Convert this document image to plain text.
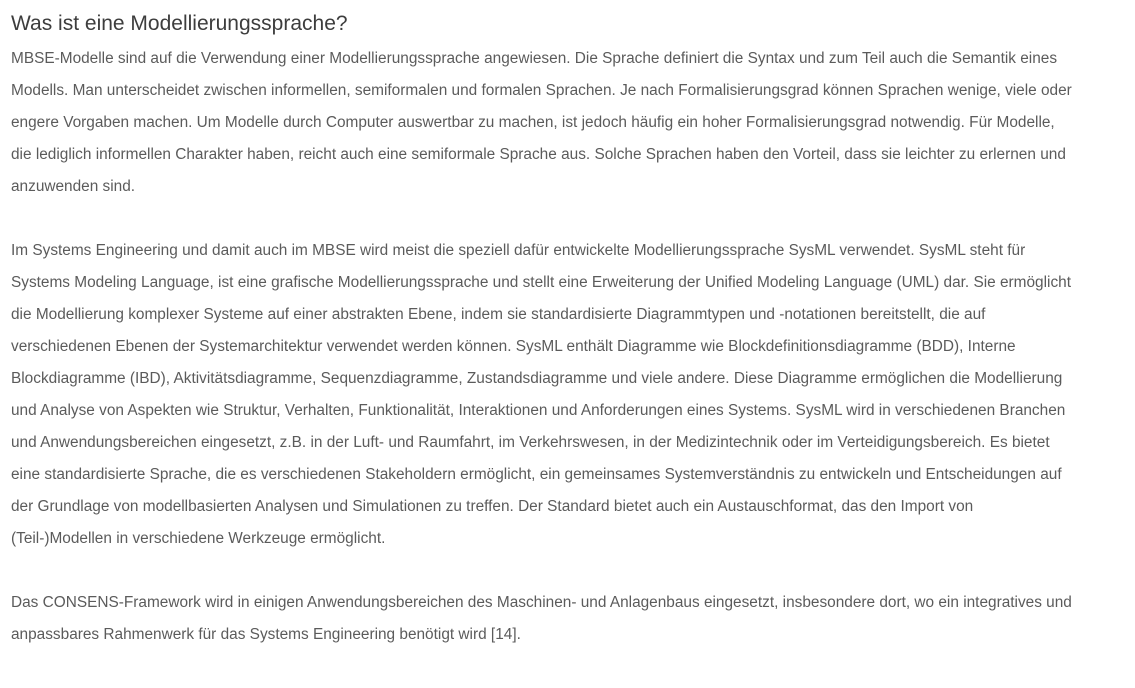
Was ist eine Modellierungssprache?

MBSE-Modelle sind auf die Verwendung einer Modellierungssprache angewiesen. Die Sprache definiert die Syntax und zum Teil auch die Semantik eines
Modells. Man unterscheidet zwischen informellen, semiformalen und formalen Sprachen. Je nach Formalisierungsgrad können Sprachen wenige, viele oder
engere Vorgaben machen. Um Modelle durch Computer auswertbar zu machen, ist jedoch häufig ein hoher Formalisierungsgrad notwendig. Für Modelle,
die lediglich informellen Charakter haben, reicht auch eine semiformale Sprache aus. Solche Sprachen haben den Vorteil, dass sie leichter zu erlernen und
anzuwenden sind.

Im Systems Engineering und damit auch im MBSE wird meist die speziell dafür entwickelte Modellierungssprache SysML verwendet. SysML steht für
Systems Modeling Language, ist eine grafische Modellierungssprache und stellt eine Erweiterung der Unified Modeling Language (UML) dar. Sie ermöglicht
die Modellierung komplexer Systeme auf einer abstrakten Ebene, indem sie standardisierte Diagrammtypen und -notationen bereitstellt, die auf
verschiedenen Ebenen der Systemarchitektur verwendet werden können. SysML enthält Diagramme wie Blockdefinitionsdiagramme (BDD), Interne
Blockdiagramme (IBD), Aktivitätsdiagramme, Sequenzdiagramme, Zustandsdiagramme und viele andere. Diese Diagramme ermöglichen die Modellierung
und Analyse von Aspekten wie Struktur, Verhalten, Funktionalität, Interaktionen und Anforderungen eines Systems. SysML wird in verschiedenen Branchen
und Anwendungsbereichen eingesetzt, z.B. in der Luft- und Raumfahrt, im Verkehrswesen, in der Medizintechnik oder im Verteidigungsbereich. Es bietet
eine standardisierte Sprache, die es verschiedenen Stakeholdern ermöglicht, ein gemeinsames Systemverständnis zu entwickeln und Entscheidungen auf
der Grundlage von modellbasierten Analysen und Simulationen zu treffen. Der Standard bietet auch ein Austauschformat, das den Import von
(Teil-)Modellen in verschiedene Werkzeuge ermöglicht.

Das CONSENS-Framework wird in einigen Anwendungsbereichen des Maschinen- und Anlagenbaus eingesetzt, insbesondere dort, wo ein integratives und
anpassbares Rahmenwerk für das Systems Engineering benötigt wird [14].
